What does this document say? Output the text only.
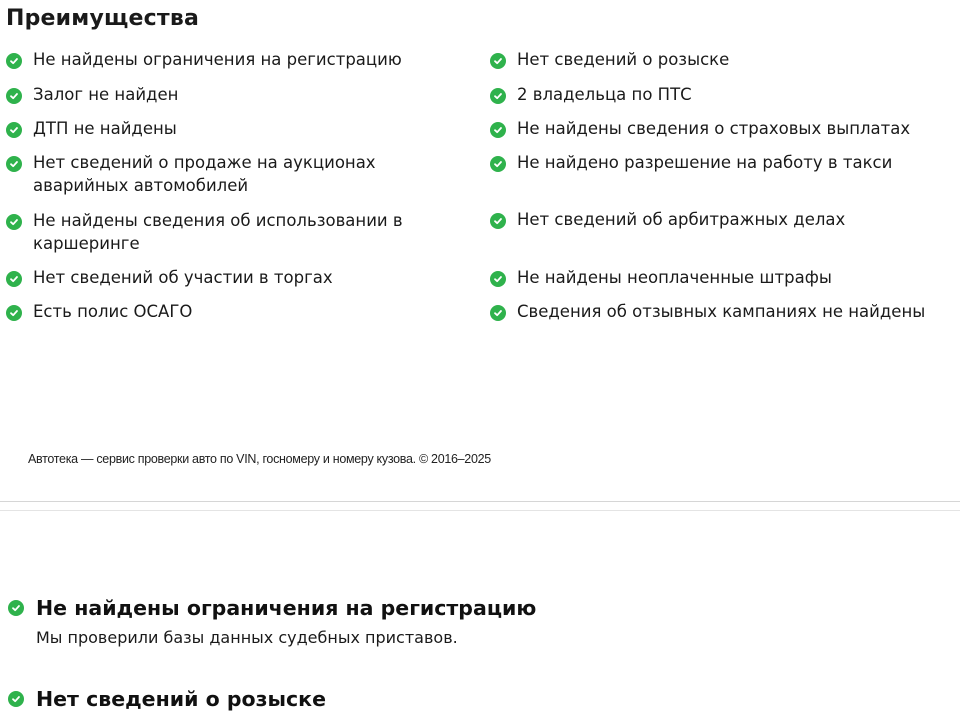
Преимущества
Не найдены ограничения на регистрацию
Залог не найден
ДТП не найдены
Нет сведений о продаже на аукционах аварийных автомобилей
Не найдены сведения об использовании в каршеринге
Нет сведений об участии в торгах
Есть полис ОСАГО
Нет сведений о розыске
2 владельца по ПТС
Не найдены сведения о страховых выплатах
Не найдено разрешение на работу в такси
Нет сведений об арбитражных делах
Не найдены неоплаченные штрафы
Сведения об отзывных кампаниях не найдены
Автотека — сервис проверки авто по VIN, госномеру и номеру кузова. © 2016–2025
Не найдены ограничения на регистрацию
Мы проверили базы данных судебных приставов.
Нет сведений о розыске
